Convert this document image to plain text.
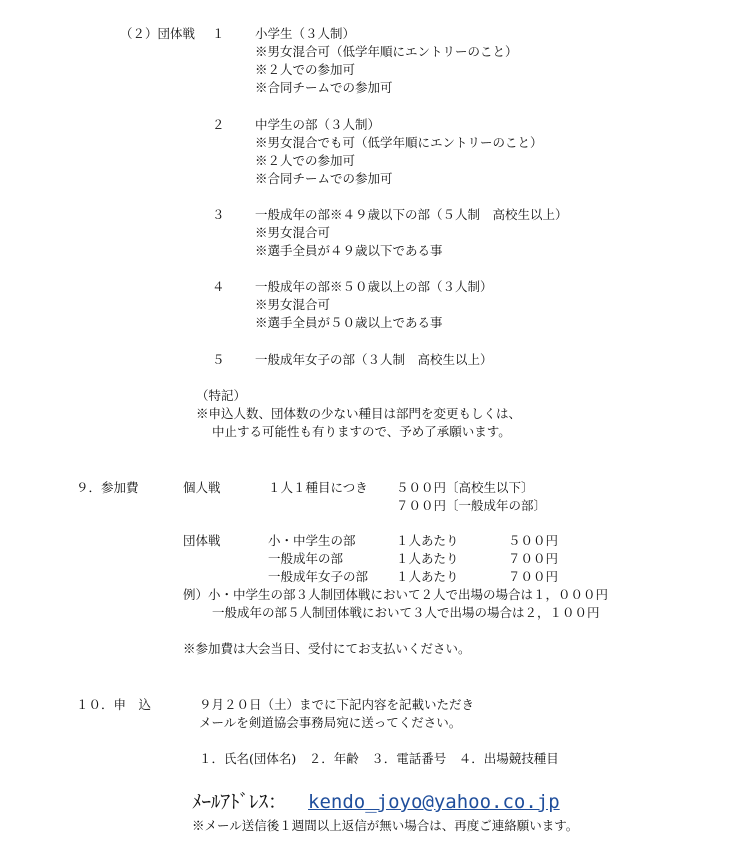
（２）団体戦 １ 小学生（３人制）
※男女混合可（低学年順にエントリーのこと）
※２人での参加可
※合同チームでの参加可
２ 中学生の部（３人制）
※男女混合でも可（低学年順にエントリーのこと）
※２人での参加可
※合同チームでの参加可
３ 一般成年の部※４９歳以下の部（５人制　高校生以上）
※男女混合可
※選手全員が４９歳以下である事
４ 一般成年の部※５０歳以上の部（３人制）
※男女混合可
※選手全員が５０歳以上である事
５ 一般成年女子の部（３人制　高校生以上）
（特記）
※申込人数、団体数の少ない種目は部門を変更もしくは、
中止する可能性も有りますので、予め了承願います。
９．参加費	個人戦	１人１種目につき ５００円〔高校生以下〕
７００円〔一般成年の部〕
団体戦	小・中学生の部	１人あたり	５００円
一般成年の部	１人あたり	７００円
一般成年女子の部 １人あたり	７００円
例）小・中学生の部３人制団体戦において２人で出場の場合は１，０００円
一般成年の部５人制団体戦において３人で出場の場合は２，１００円
※参加費は大会当日、受付にてお支払いください。
１０．申　込	９月２０日（土）までに下記内容を記載いただき
メールを剣道協会事務局宛に送ってください。
１．氏名(団体名)　２．年齢　３．電話番号　４．出場競技種目
ﾒｰﾙｱﾄﾞﾚｽ： kendo_joyo@yahoo.co.jp
※メール送信後１週間以上返信が無い場合は、再度ご連絡願います。
